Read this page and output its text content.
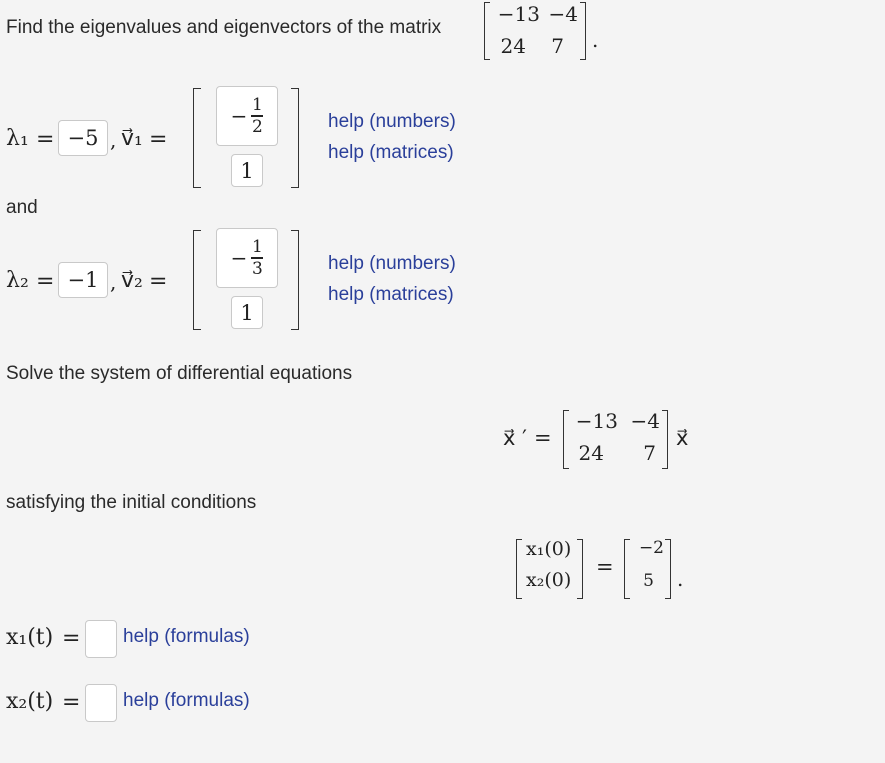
Find the eigenvalues and eigenvectors of the matrix
−13 −4
24 7 .
λ₁ = −5 , v⃗₁ =
− 1
2
1
help (numbers)
help (matrices)
and
λ₂ = −1 , v⃗₂ =
− 1
3
1
help (numbers)
help (matrices)
Solve the system of differential equations
x⃗ ′ =
−13 −4
24	7
x⃗
satisfying the initial conditions
x₁(0)
x₂(0)
=
−2
5 .
x₁(t) = help (formulas)
x₂(t) = help (formulas)
